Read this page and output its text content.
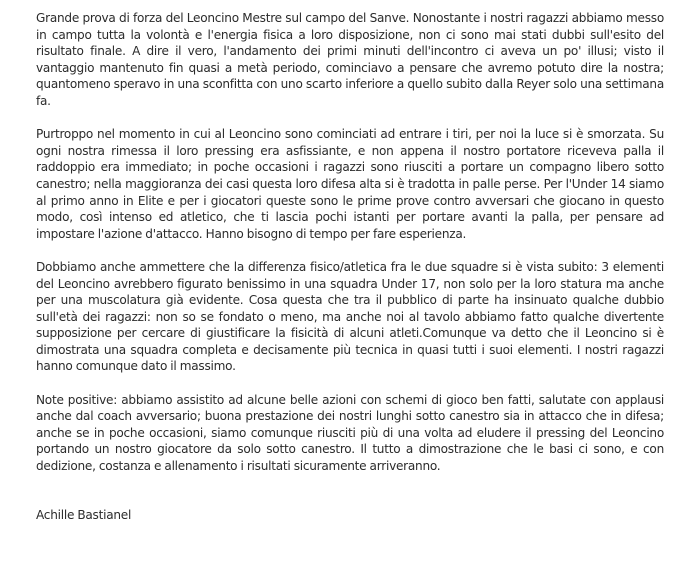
Grande prova di forza del Leoncino Mestre sul campo del Sanve. Nonostante i nostri ragazzi abbiamo messo in campo tutta la volontà e l'energia fisica a loro disposizione, non ci sono mai stati dubbi sull'esito del risultato finale. A dire il vero, l'andamento dei primi minuti dell'incontro ci aveva un po' illusi; visto il vantaggio mantenuto fin quasi a metà periodo, cominciavo a pensare che avremo potuto dire la nostra; quantomeno speravo in una sconfitta con uno scarto inferiore a quello subito dalla Reyer solo una settimana fa.

Purtroppo nel momento in cui al Leoncino sono cominciati ad entrare i tiri, per noi la luce si è smorzata. Su ogni nostra rimessa il loro pressing era asfissiante, e non appena il nostro portatore riceveva palla il raddoppio era immediato; in poche occasioni i ragazzi sono riusciti a portare un compagno libero sotto canestro; nella maggioranza dei casi questa loro difesa alta si è tradotta in palle perse. Per l'Under 14 siamo al primo anno in Elite e per i giocatori queste sono le prime prove contro avversari che giocano in questo modo, così intenso ed atletico, che ti lascia pochi istanti per portare avanti la palla, per pensare ad impostare l'azione d'attacco. Hanno bisogno di tempo per fare esperienza.

Dobbiamo anche ammettere che la differenza fisico/atletica fra le due squadre si è vista subito: 3 elementi del Leoncino avrebbero figurato benissimo in una squadra Under 17, non solo per la loro statura ma anche per una muscolatura già evidente. Cosa questa che tra il pubblico di parte ha insinuato qualche dubbio sull'età dei ragazzi: non so se fondato o meno, ma anche noi al tavolo abbiamo fatto qualche divertente supposizione per cercare di giustificare la fisicità di alcuni atleti.Comunque va detto che il Leoncino si è dimostrata una squadra completa e decisamente più tecnica in quasi tutti i suoi elementi. I nostri ragazzi hanno comunque dato il massimo.

Note positive: abbiamo assistito ad alcune belle azioni con schemi di gioco ben fatti, salutate con applausi anche dal coach avversario; buona prestazione dei nostri lunghi sotto canestro sia in attacco che in difesa; anche se in poche occasioni, siamo comunque riusciti più di una volta ad eludere il pressing del Leoncino portando un nostro giocatore da solo sotto canestro. Il tutto a dimostrazione che le basi ci sono, e con dedizione, costanza e allenamento i risultati sicuramente arriveranno.

Achille Bastianel
